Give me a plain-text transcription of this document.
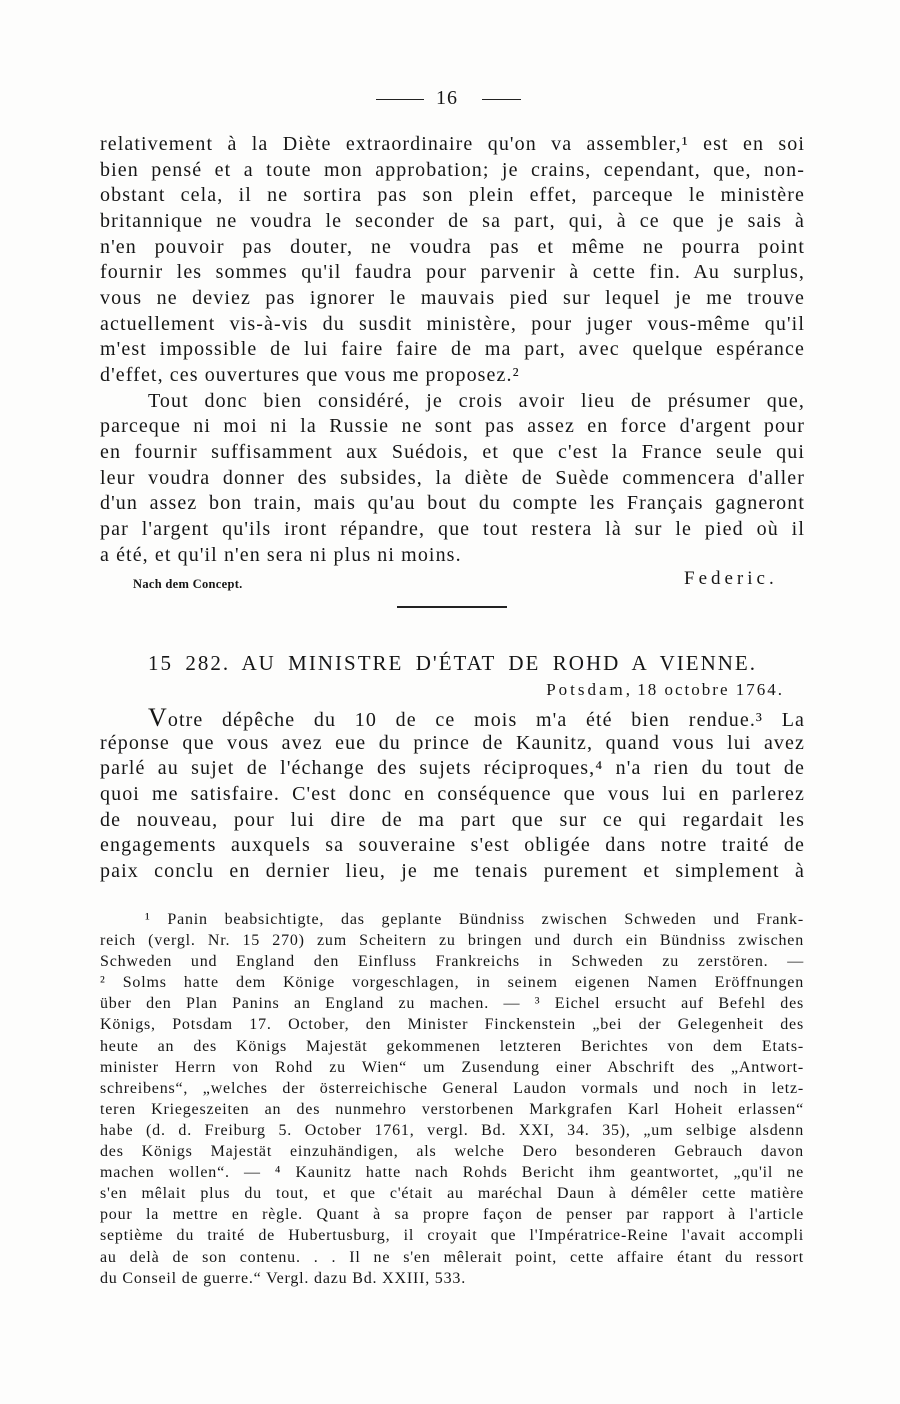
16
relativement à la Diète extraordinaire qu'on va assembler,¹ est en soi
bien pensé et a toute mon approbation; je crains, cependant, que, non-
obstant cela, il ne sortira pas son plein effet, parceque le ministère
britannique ne voudra le seconder de sa part, qui, à ce que je sais à
n'en pouvoir pas douter, ne voudra pas et même ne pourra point
fournir les sommes qu'il faudra pour parvenir à cette fin. Au surplus,
vous ne deviez pas ignorer le mauvais pied sur lequel je me trouve
actuellement vis-à-vis du susdit ministère, pour juger vous-même qu'il
m'est impossible de lui faire faire de ma part, avec quelque espérance
d'effet, ces ouvertures que vous me proposez.²
Tout donc bien considéré, je crois avoir lieu de présumer que,
parceque ni moi ni la Russie ne sont pas assez en force d'argent pour
en fournir suffisamment aux Suédois, et que c'est la France seule qui
leur voudra donner des subsides, la diète de Suède commencera d'aller
d'un assez bon train, mais qu'au bout du compte les Français gagneront
par l'argent qu'ils iront répandre, que tout restera là sur le pied où il
a été, et qu'il n'en sera ni plus ni moins.
Nach dem Concept.	Federic.
15 282. AU MINISTRE D'ÉTAT DE ROHD A VIENNE.
Potsdam, 18 octobre 1764.
Votre dépêche du 10 de ce mois m'a été bien rendue.³ La
réponse que vous avez eue du prince de Kaunitz, quand vous lui avez
parlé au sujet de l'échange des sujets réciproques,⁴ n'a rien du tout de
quoi me satisfaire. C'est donc en conséquence que vous lui en parlerez
de nouveau, pour lui dire de ma part que sur ce qui regardait les
engagements auxquels sa souveraine s'est obligée dans notre traité de
paix conclu en dernier lieu, je me tenais purement et simplement à
¹ Panin beabsichtigte, das geplante Bündniss zwischen Schweden und Frank-
reich (vergl. Nr. 15 270) zum Scheitern zu bringen und durch ein Bündniss zwischen
Schweden und England den Einfluss Frankreichs in Schweden zu zerstören. —
² Solms hatte dem Könige vorgeschlagen, in seinem eigenen Namen Eröffnungen
über den Plan Panins an England zu machen. — ³ Eichel ersucht auf Befehl des
Königs, Potsdam 17. October, den Minister Finckenstein „bei der Gelegenheit des
heute an des Königs Majestät gekommenen letzteren Berichtes von dem Etats-
minister Herrn von Rohd zu Wien“ um Zusendung einer Abschrift des „Antwort-
schreibens“, „welches der österreichische General Laudon vormals und noch in letz-
teren Kriegeszeiten an des nunmehro verstorbenen Markgrafen Karl Hoheit erlassen“
habe (d. d. Freiburg 5. October 1761, vergl. Bd. XXI, 34. 35), „um selbige alsdenn
des Königs Majestät einzuhändigen, als welche Dero besonderen Gebrauch davon
machen wollen“. — ⁴ Kaunitz hatte nach Rohds Bericht ihm geantwortet, „qu'il ne
s'en mêlait plus du tout, et que c'était au maréchal Daun à démêler cette matière
pour la mettre en règle. Quant à sa propre façon de penser par rapport à l'article
septième du traité de Hubertusburg, il croyait que l'Impératrice-Reine l'avait accompli
au delà de son contenu. . . Il ne s'en mêlerait point, cette affaire étant du ressort
du Conseil de guerre.“ Vergl. dazu Bd. XXIII, 533.
